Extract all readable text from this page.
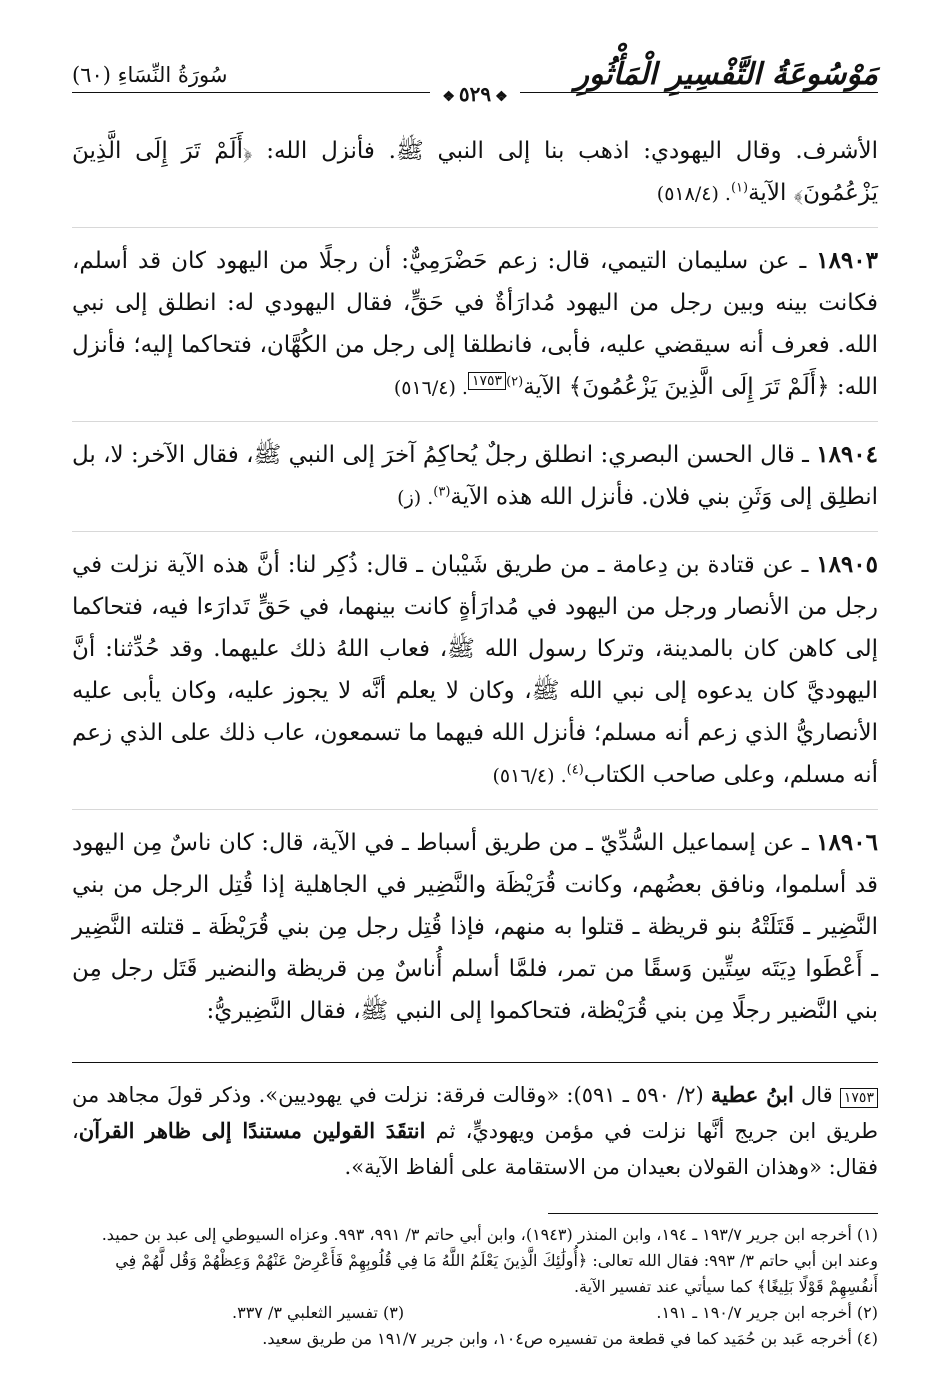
مَوْسُوعَةُ التَّفْسِيرِ الْمَأْثُورِ
❖٥٢٩❖
سُورَةُ النِّسَاءِ (٦٠)

الأشرف. وقال اليهودي: اذهب بنا إلى النبي ﷺ. فأنزل الله: ﴿أَلَمْ تَرَ إِلَى الَّذِينَ يَزْعُمُونَ﴾ الآية$^{(١)}$. (٥١٨/٤)

١٨٩٠٣ ـ عن سليمان التيمي، قال: زعم حَضْرَمِيٌّ: أن رجلًا من اليهود كان قد أسلم، فكانت بينه وبين رجل من اليهود مُدارَأةٌ في حَقٍّ، فقال اليهودي له: انطلق إلى نبي الله. فعرف أنه سيقضي عليه، فأبى، فانطلقا إلى رجل من الكُهَّان، فتحاكما إليه؛ فأنزل الله: ﴿أَلَمْ تَرَ إِلَى الَّذِينَ يَزْعُمُونَ﴾ الآية$^{(٢)}$١٧٥٣. (٥١٦/٤)

١٨٩٠٤ ـ قال الحسن البصري: انطلق رجلٌ يُحاكِمُ آخرَ إلى النبي ﷺ، فقال الآخر: لا، بل انطلِق إلى وَثَنِ بني فلان. فأنزل الله هذه الآية$^{(٣)}$. (ز)

١٨٩٠٥ ـ عن قتادة بن دِعامة ـ من طريق شَيْبان ـ قال: ذُكِر لنا: أنَّ هذه الآية نزلت في رجل من الأنصار ورجل من اليهود في مُدارَأةٍ كانت بينهما، في حَقٍّ تَدارَءا فيه، فتحاكما إلى كاهن كان بالمدينة، وتركا رسول الله ﷺ، فعاب اللهُ ذلك عليهما. وقد حُدِّثنا: أنَّ اليهوديَّ كان يدعوه إلى نبي الله ﷺ، وكان لا يعلم أنَّه لا يجوز عليه، وكان يأبى عليه الأنصاريُّ الذي زعم أنه مسلم؛ فأنزل الله فيهما ما تسمعون، عاب ذلك على الذي زعم أنه مسلم، وعلى صاحب الكتاب$^{(٤)}$. (٥١٦/٤)

١٨٩٠٦ ـ عن إسماعيل السُّدِّيّ ـ من طريق أسباط ـ في الآية، قال: كان ناسٌ مِن اليهود قد أسلموا، ونافق بعضُهم، وكانت قُرَيْظَة والنَّضِير في الجاهلية إذا قُتِل الرجل من بني النَّضِير ـ قَتَلَتْهُ بنو قريظة ـ قتلوا به منهم، فإذا قُتِل رجل مِن بني قُرَيْظَة ـ قتلته النَّضِير ـ أَعْطَوا دِيَتَه سِتِّين وَسقًا من تمر، فلمَّا أسلم أُناسٌ مِن قريظة والنضير قَتَل رجل مِن بني النَّضير رجلًا مِن بني قُرَيْظة، فتحاكموا إلى النبي ﷺ، فقال النَّضِيريُّ:

١٧٥٣ قال ابنُ عطية (٢/ ٥٩٠ ـ ٥٩١): «وقالت فرقة: نزلت في يهوديين». وذكر قولَ مجاهد من طريق ابن جريج أنَّها نزلت في مؤمن ويهوديٍّ، ثم انتقَدَ القولين مستندًا إلى ظاهر القرآن، فقال: «وهذان القولان بعيدان من الاستقامة على ألفاظ الآية».
(١) أخرجه ابن جرير ١٩٣/٧ ـ ١٩٤، وابن المنذر (١٩٤٣)، وابن أبي حاتم ٣/ ٩٩١، ٩٩٣. وعزاه السيوطي إلى عبد بن حميد. وعند ابن أبي حاتم ٣/ ٩٩٣: فقال الله تعالى: ﴿أُولَٰئِكَ الَّذِينَ يَعْلَمُ اللَّهُ مَا فِي قُلُوبِهِمْ فَأَعْرِضْ عَنْهُمْ وَعِظْهُمْ وَقُل لَّهُمْ فِي أَنفُسِهِمْ قَوْلًا بَلِيغًا﴾ كما سيأتي عند تفسير الآية.
(٢) أخرجه ابن جرير ١٩٠/٧ ـ ١٩١.
(٣) تفسير الثعلبي ٣/ ٣٣٧.
(٤) أخرجه عَبد بن حُمَيد كما في قطعة من تفسيره ص١٠٤، وابن جرير ١٩١/٧ من طريق سعيد.
